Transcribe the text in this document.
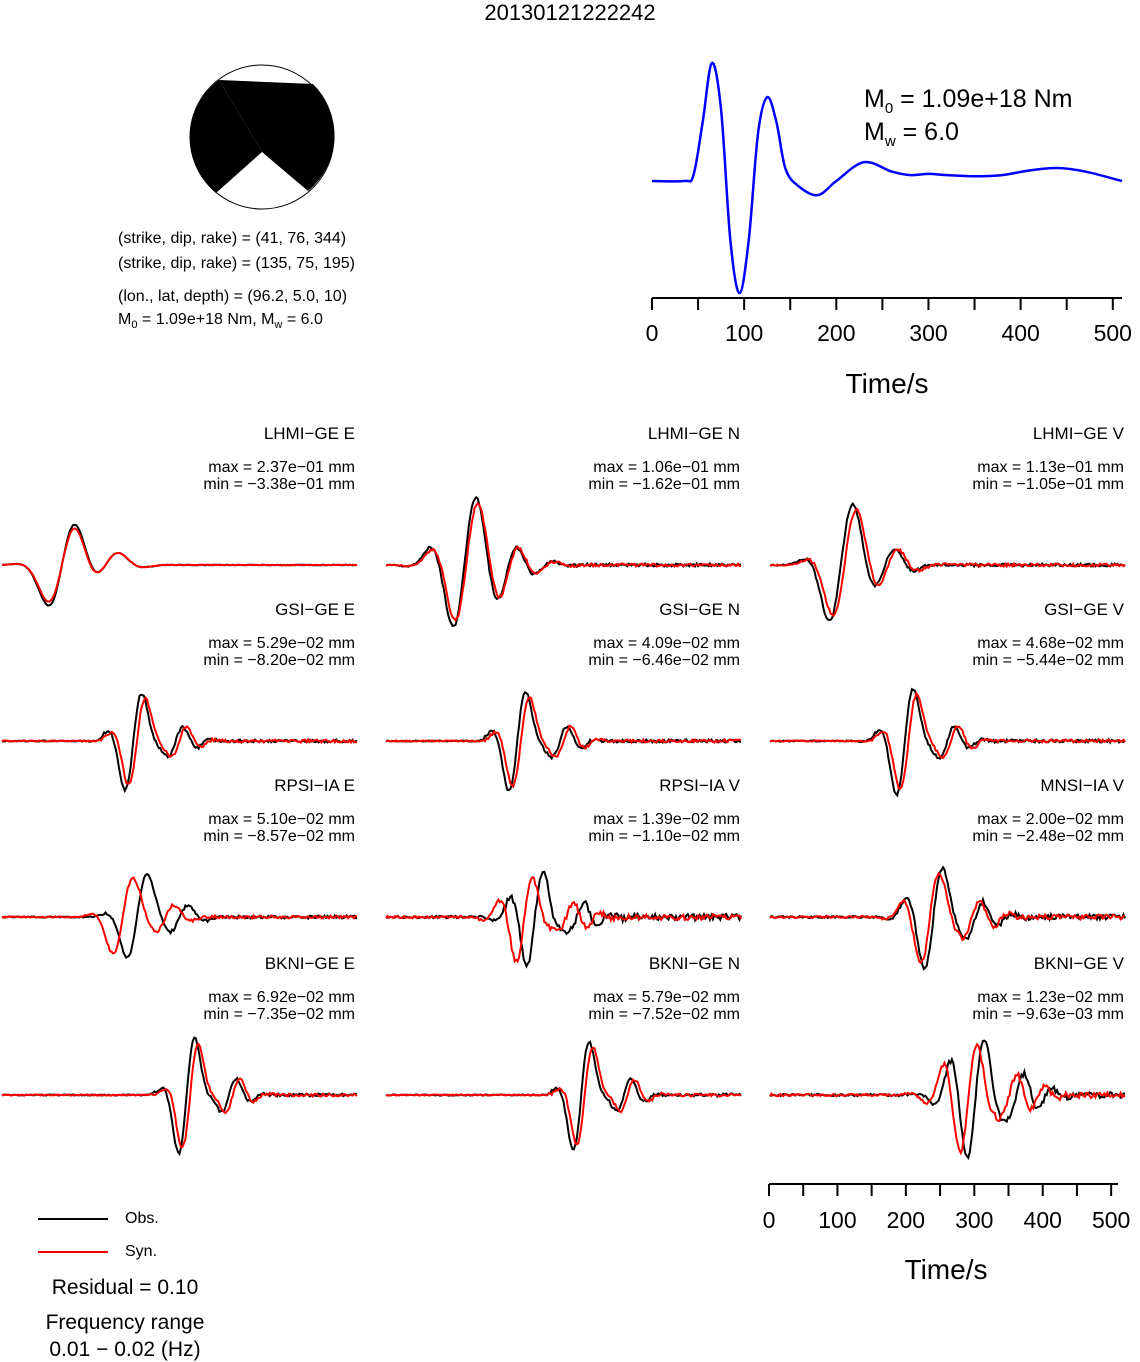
20130121222242
(strike, dip, rake) = (41, 76, 344)
(strike, dip, rake) = (135, 75, 195)
(lon., lat, depth) = (96.2, 5.0, 10)
$M_0 = 1.09e+18$ Nm, $M_w = 6.0$
$M_0 = 1.09e+18$ Nm
$M_w = 6.0$
0	100 200 300 400 500
Time/s
LHMI−GE E
max = 2.37e−01 mm
min = −3.38e−01 mm
LHMI−GE N
max = 1.06e−01 mm
min = −1.62e−01 mm
LHMI−GE V
max = 1.13e−01 mm
min = −1.05e−01 mm
GSI−GE E
max = 5.29e−02 mm
min = −8.20e−02 mm
GSI−GE N
max = 4.09e−02 mm
min = −6.46e−02 mm
GSI−GE V
max = 4.68e−02 mm
min = −5.44e−02 mm
RPSI−IA E
max = 5.10e−02 mm
min = −8.57e−02 mm
RPSI−IA V
max = 1.39e−02 mm
min = −1.10e−02 mm
MNSI−IA V
max = 2.00e−02 mm
min = −2.48e−02 mm
BKNI−GE E
max = 6.92e−02 mm
min = −7.35e−02 mm
BKNI−GE N
max = 5.79e−02 mm
min = −7.52e−02 mm
BKNI−GE V
max = 1.23e−02 mm
min = −9.63e−03 mm
0 100 200 300 400 500
Time/s
Obs.
Syn.
Residual = 0.10
Frequency range
0.01 − 0.02 (Hz)
